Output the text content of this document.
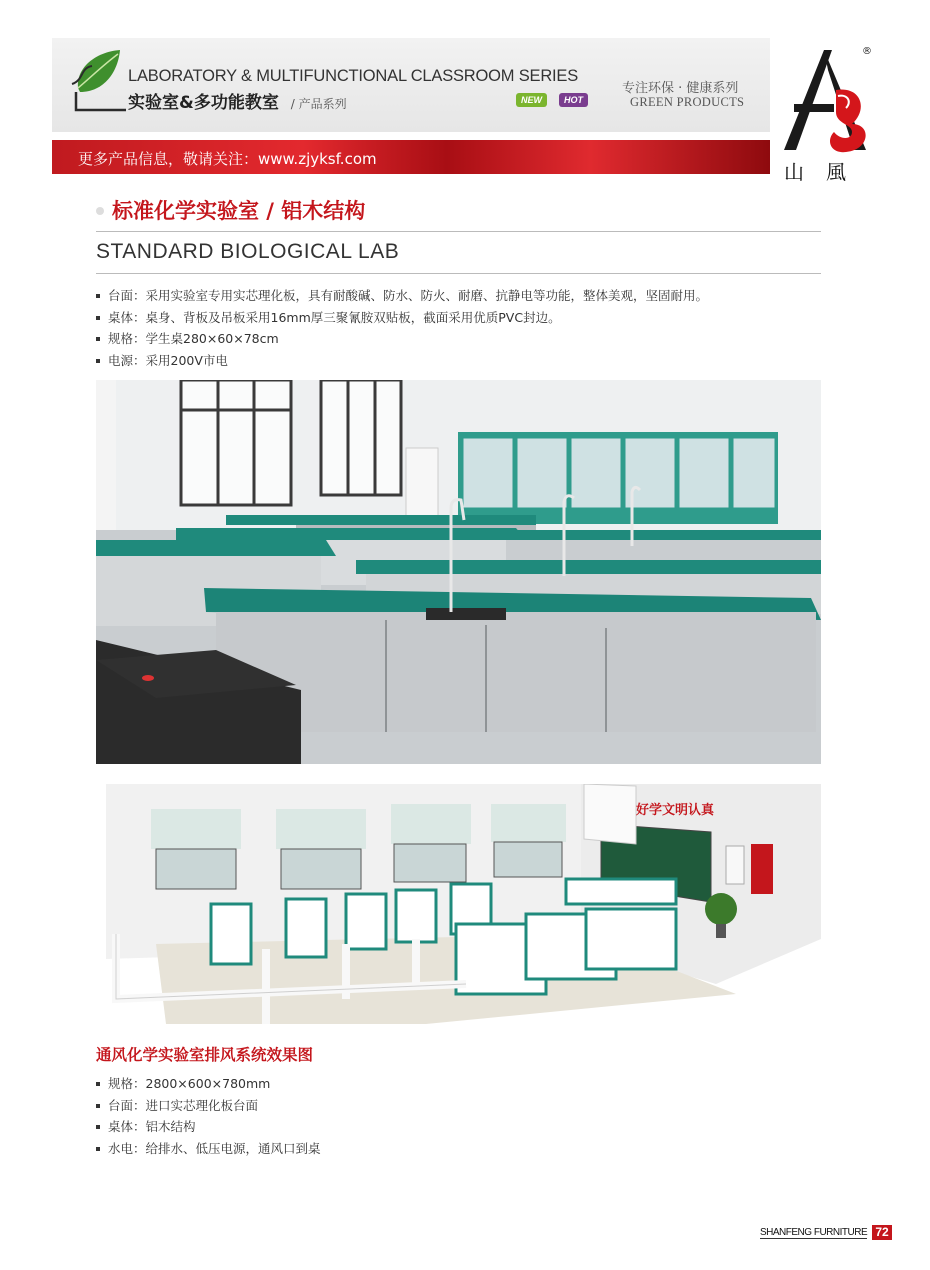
LABORATORY & MULTIFUNCTIONAL CLASSROOM SERIES
实验室&多功能教室 / 产品系列	NEW	HOT
专注环保 · 健康系列
GREEN PRODUCTS
更多产品信息，敬请关注：www.zjyksf.com
®
山風
标准化学实验室 / 铝木结构
STANDARD BIOLOGICAL LAB
台面：采用实验室专用实芯理化板，具有耐酸碱、防水、防火、耐磨、抗静电等功能，整体美观，坚固耐用。
桌体：桌身、背板及吊板采用16mm厚三聚氰胺双贴板，截面采用优质PVC封边。
规格：学生桌280×60×78cm
电源：采用200V市电
好学文明认真
通风化学实验室排风系统效果图
规格：2800×600×780mm
台面：进口实芯理化板台面
桌体：铝木结构
水电：给排水、低压电源，通风口到桌
SHANFENG FURNITURE 72
